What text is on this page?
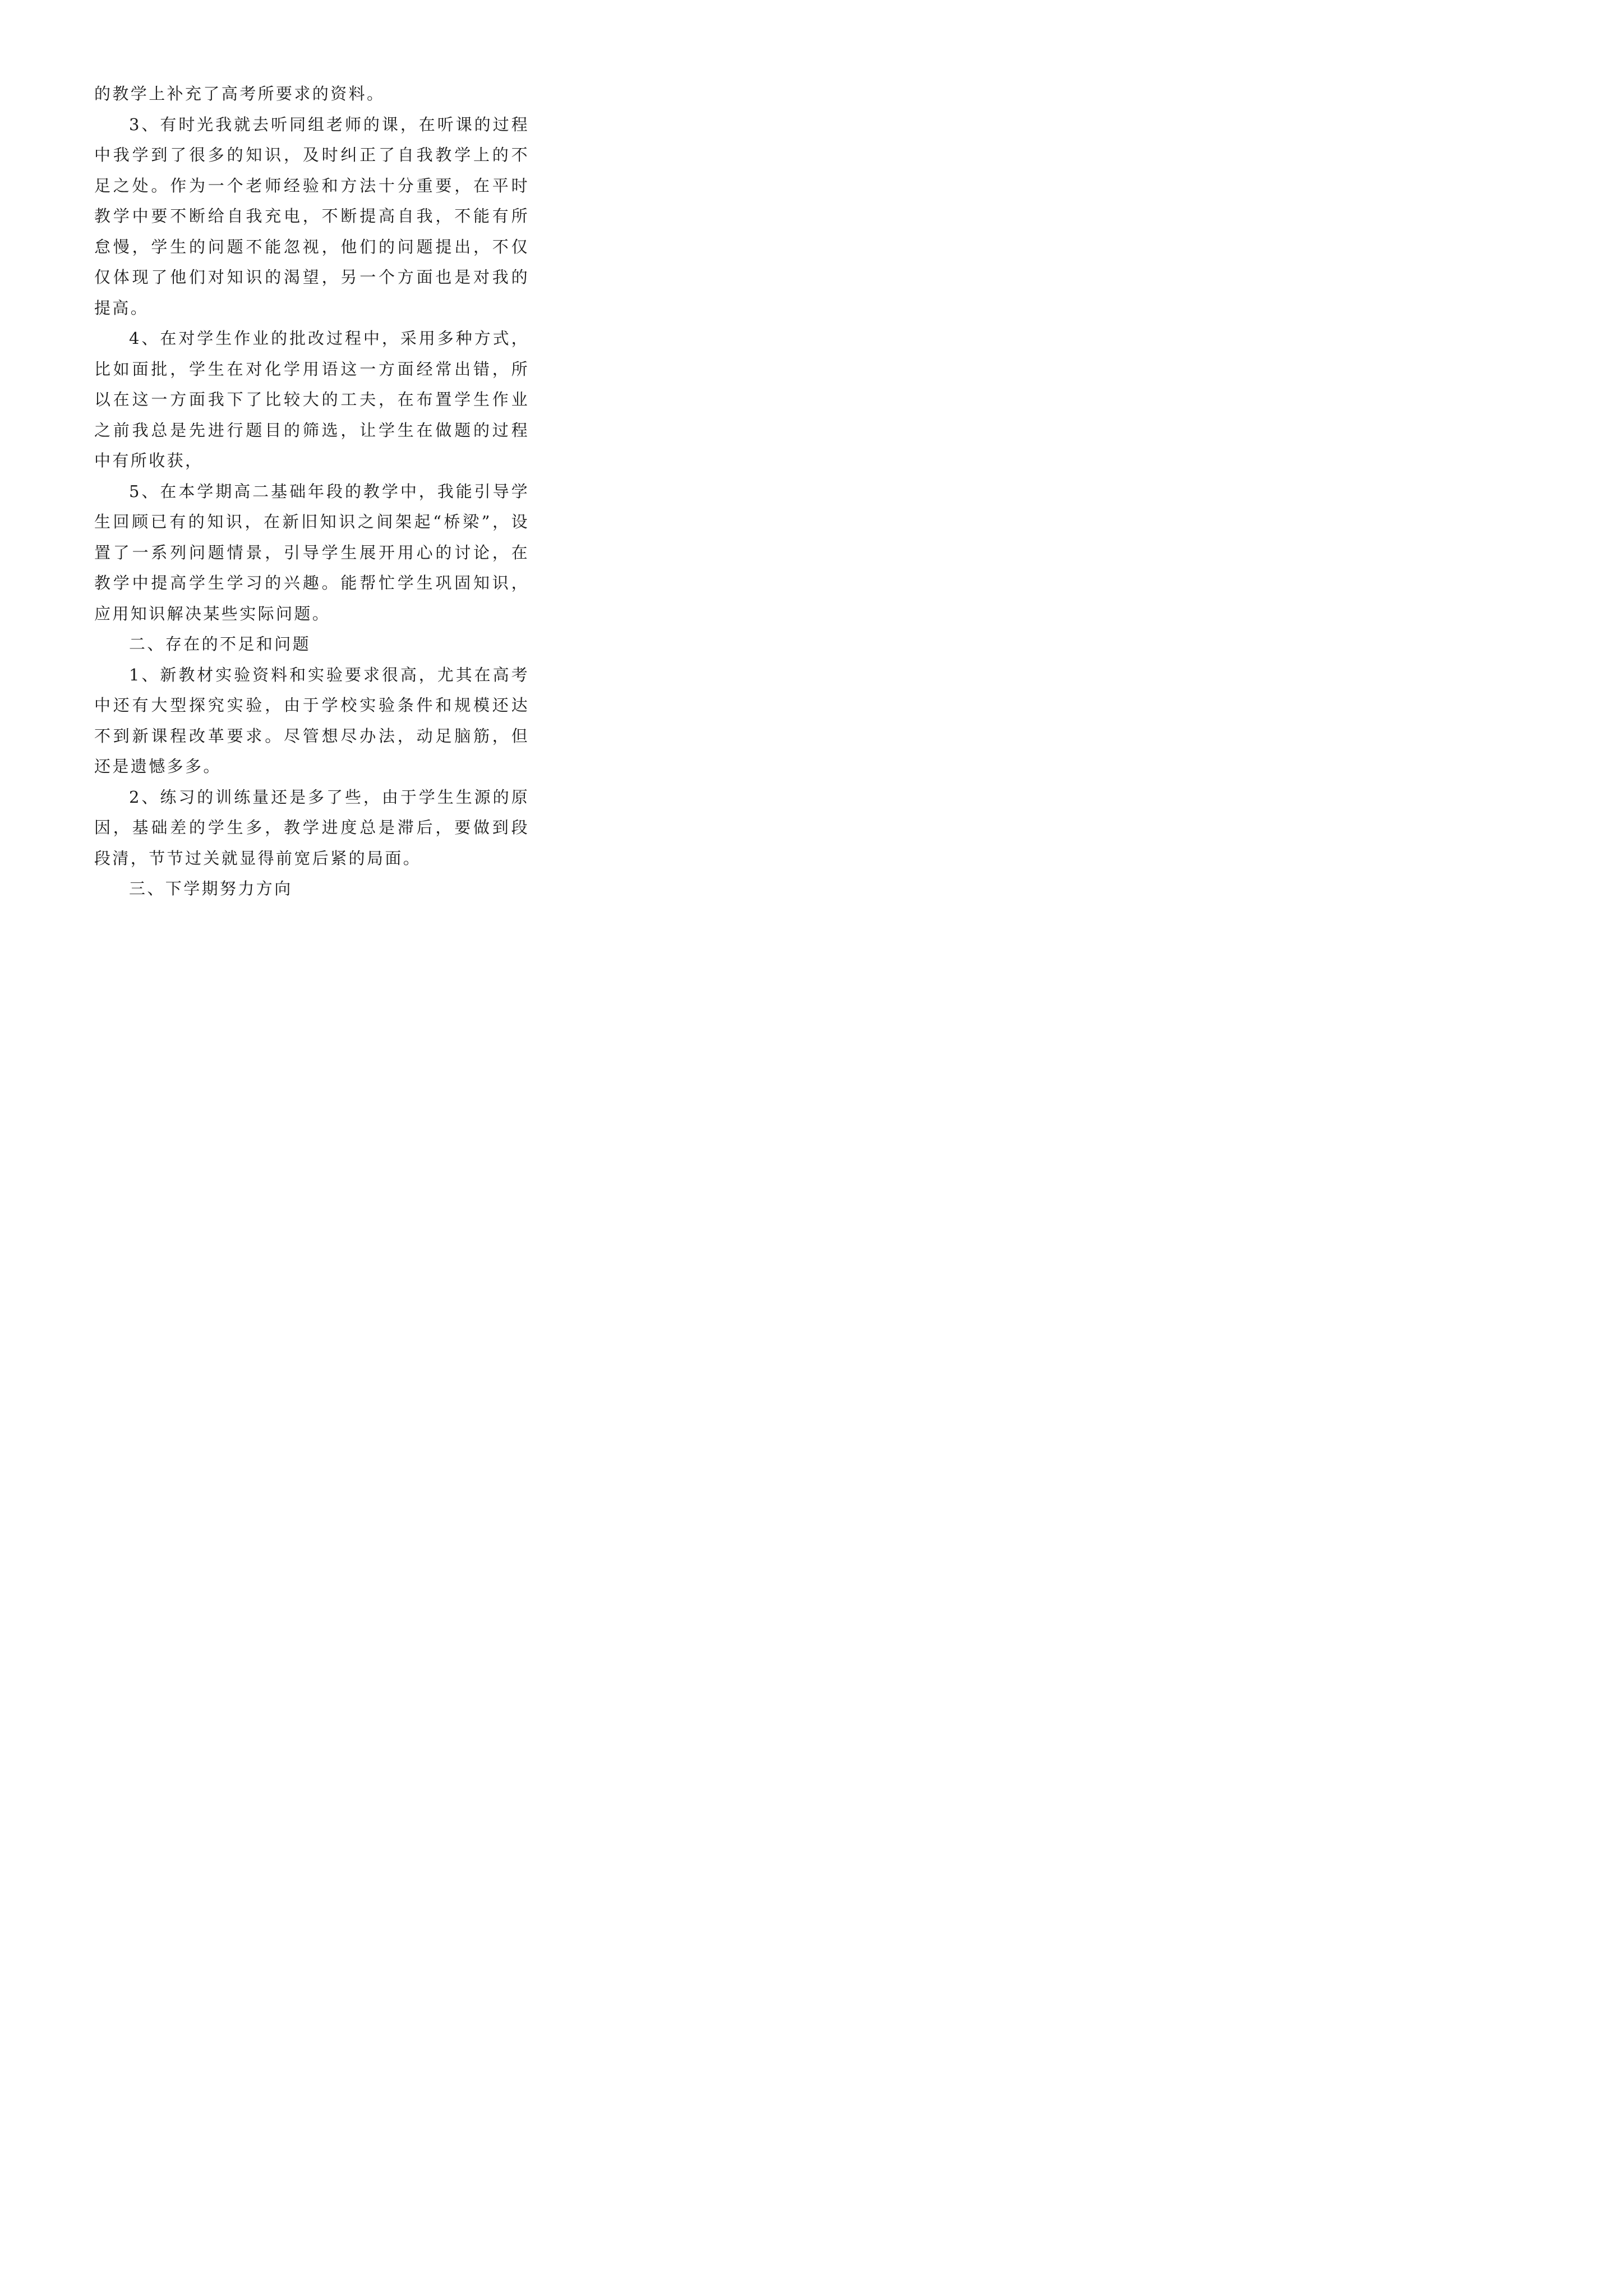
的教学上补充了高考所要求的资料。

3、有时光我就去听同组老师的课，在听课的过程中我学到了很多的知识，及时纠正了自我教学上的不足之处。作为一个老师经验和方法十分重要，在平时教学中要不断给自我充电，不断提高自我，不能有所怠慢，学生的问题不能忽视，他们的问题提出，不仅仅体现了他们对知识的渴望，另一个方面也是对我的提高。

4、在对学生作业的批改过程中，采用多种方式，比如面批，学生在对化学用语这一方面经常出错，所以在这一方面我下了比较大的工夫，在布置学生作业之前我总是先进行题目的筛选，让学生在做题的过程中有所收获，

5、在本学期高二基础年段的教学中，我能引导学生回顾已有的知识，在新旧知识之间架起“桥梁”，设置了一系列问题情景，引导学生展开用心的讨论，在教学中提高学生学习的兴趣。能帮忙学生巩固知识，应用知识解决某些实际问题。

二、存在的不足和问题

1、新教材实验资料和实验要求很高，尤其在高考中还有大型探究实验，由于学校实验条件和规模还达不到新课程改革要求。尽管想尽办法，动足脑筋，但还是遗憾多多。

2、练习的训练量还是多了些，由于学生生源的原因，基础差的学生多，教学进度总是滞后，要做到段段清，节节过关就显得前宽后紧的局面。

三、下学期努力方向
